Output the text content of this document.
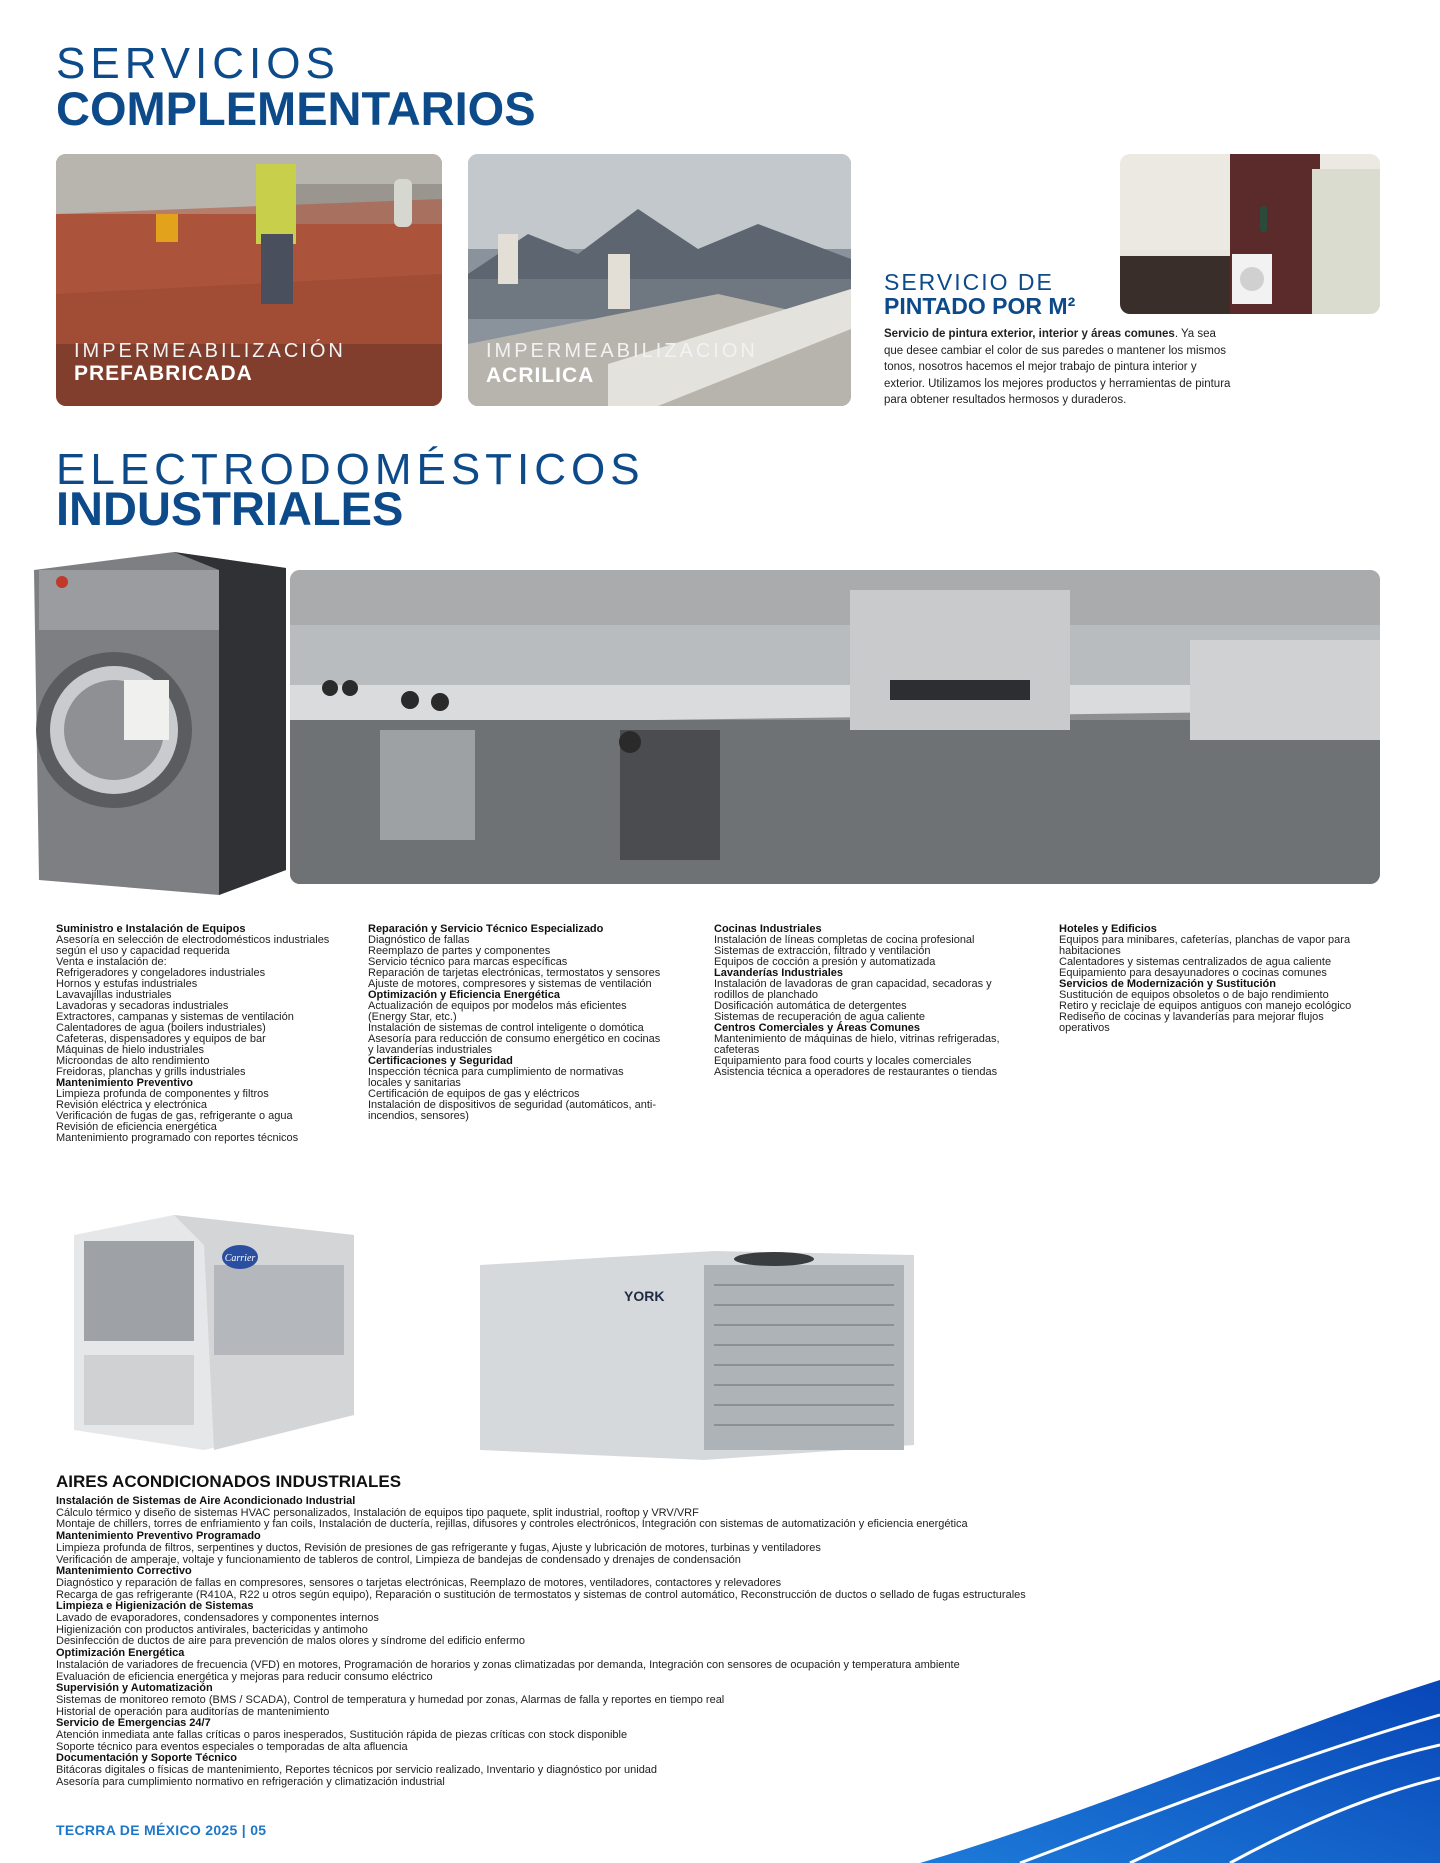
SERVICIOS
COMPLEMENTARIOS
IMPERMEABILIZACIÓN
PREFABRICADA
IMPERMEABILIZACION
ACRILICA
SERVICIO DE
PINTADO POR M²
Servicio de pintura exterior, interior y áreas comunes. Ya sea que desee cambiar el color de sus paredes o mantener los mismos tonos, nosotros hacemos el mejor trabajo de pintura interior y exterior. Utilizamos los mejores productos y herramientas de pintura para obtener resultados hermosos y duraderos.
ELECTRODOMÉSTICOS
INDUSTRIALES
Suministro e Instalación de Equipos
Asesoría en selección de electrodomésticos industriales
según el uso y capacidad requerida
Venta e instalación de:
Refrigeradores y congeladores industriales
Hornos y estufas industriales
Lavavajillas industriales
Lavadoras y secadoras industriales
Extractores, campanas y sistemas de ventilación
Calentadores de agua (boilers industriales)
Cafeteras, dispensadores y equipos de bar
Máquinas de hielo industriales
Microondas de alto rendimiento
Freidoras, planchas y grills industriales
Mantenimiento Preventivo
Limpieza profunda de componentes y filtros
Revisión eléctrica y electrónica
Verificación de fugas de gas, refrigerante o agua
Revisión de eficiencia energética
Mantenimiento programado con reportes técnicos
Reparación y Servicio Técnico Especializado
Diagnóstico de fallas
Reemplazo de partes y componentes
Servicio técnico para marcas específicas
Reparación de tarjetas electrónicas, termostatos y sensores
Ajuste de motores, compresores y sistemas de ventilación
Optimización y Eficiencia Energética
Actualización de equipos por modelos más eficientes
(Energy Star, etc.)
Instalación de sistemas de control inteligente o domótica
Asesoría para reducción de consumo energético en cocinas
y lavanderías industriales
Certificaciones y Seguridad
Inspección técnica para cumplimiento de normativas
locales y sanitarias
Certificación de equipos de gas y eléctricos
Instalación de dispositivos de seguridad (automáticos, anti-
incendios, sensores)
Cocinas Industriales
Instalación de líneas completas de cocina profesional
Sistemas de extracción, filtrado y ventilación
Equipos de cocción a presión y automatizada
Lavanderías Industriales
Instalación de lavadoras de gran capacidad, secadoras y
rodillos de planchado
Dosificación automática de detergentes
Sistemas de recuperación de agua caliente
Centros Comerciales y Áreas Comunes
Mantenimiento de máquinas de hielo, vitrinas refrigeradas,
cafeteras
Equipamiento para food courts y locales comerciales
Asistencia técnica a operadores de restaurantes o tiendas
Hoteles y Edificios
Equipos para minibares, cafeterías, planchas de vapor para
habitaciones
Calentadores y sistemas centralizados de agua caliente
Equipamiento para desayunadores o cocinas comunes
Servicios de Modernización y Sustitución
Sustitución de equipos obsoletos o de bajo rendimiento
Retiro y reciclaje de equipos antiguos con manejo ecológico
Rediseño de cocinas y lavanderías para mejorar flujos
operativos
Carrier
YORK
AIRES ACONDICIONADOS INDUSTRIALES
Instalación de Sistemas de Aire Acondicionado Industrial
Cálculo térmico y diseño de sistemas HVAC personalizados, Instalación de equipos tipo paquete, split industrial, rooftop y VRV/VRF
Montaje de chillers, torres de enfriamiento y fan coils, Instalación de ductería, rejillas, difusores y controles electrónicos, Integración con sistemas de automatización y eficiencia energética
Mantenimiento Preventivo Programado
Limpieza profunda de filtros, serpentines y ductos, Revisión de presiones de gas refrigerante y fugas, Ajuste y lubricación de motores, turbinas y ventiladores
Verificación de amperaje, voltaje y funcionamiento de tableros de control, Limpieza de bandejas de condensado y drenajes de condensación
Mantenimiento Correctivo
Diagnóstico y reparación de fallas en compresores, sensores o tarjetas electrónicas, Reemplazo de motores, ventiladores, contactores y relevadores
Recarga de gas refrigerante (R410A, R22 u otros según equipo), Reparación o sustitución de termostatos y sistemas de control automático, Reconstrucción de ductos o sellado de fugas estructurales
Limpieza e Higienización de Sistemas
Lavado de evaporadores, condensadores y componentes internos
Higienización con productos antivirales, bactericidas y antimoho
Desinfección de ductos de aire para prevención de malos olores y síndrome del edificio enfermo
Optimización Energética
Instalación de variadores de frecuencia (VFD) en motores, Programación de horarios y zonas climatizadas por demanda, Integración con sensores de ocupación y temperatura ambiente
Evaluación de eficiencia energética y mejoras para reducir consumo eléctrico
Supervisión y Automatización
Sistemas de monitoreo remoto (BMS / SCADA), Control de temperatura y humedad por zonas, Alarmas de falla y reportes en tiempo real
Historial de operación para auditorías de mantenimiento
Servicio de Emergencias 24/7
Atención inmediata ante fallas críticas o paros inesperados, Sustitución rápida de piezas críticas con stock disponible
Soporte técnico para eventos especiales o temporadas de alta afluencia
Documentación y Soporte Técnico
Bitácoras digitales o físicas de mantenimiento, Reportes técnicos por servicio realizado, Inventario y diagnóstico por unidad
Asesoría para cumplimiento normativo en refrigeración y climatización industrial
TECRRA DE MÉXICO 2025 | 05
